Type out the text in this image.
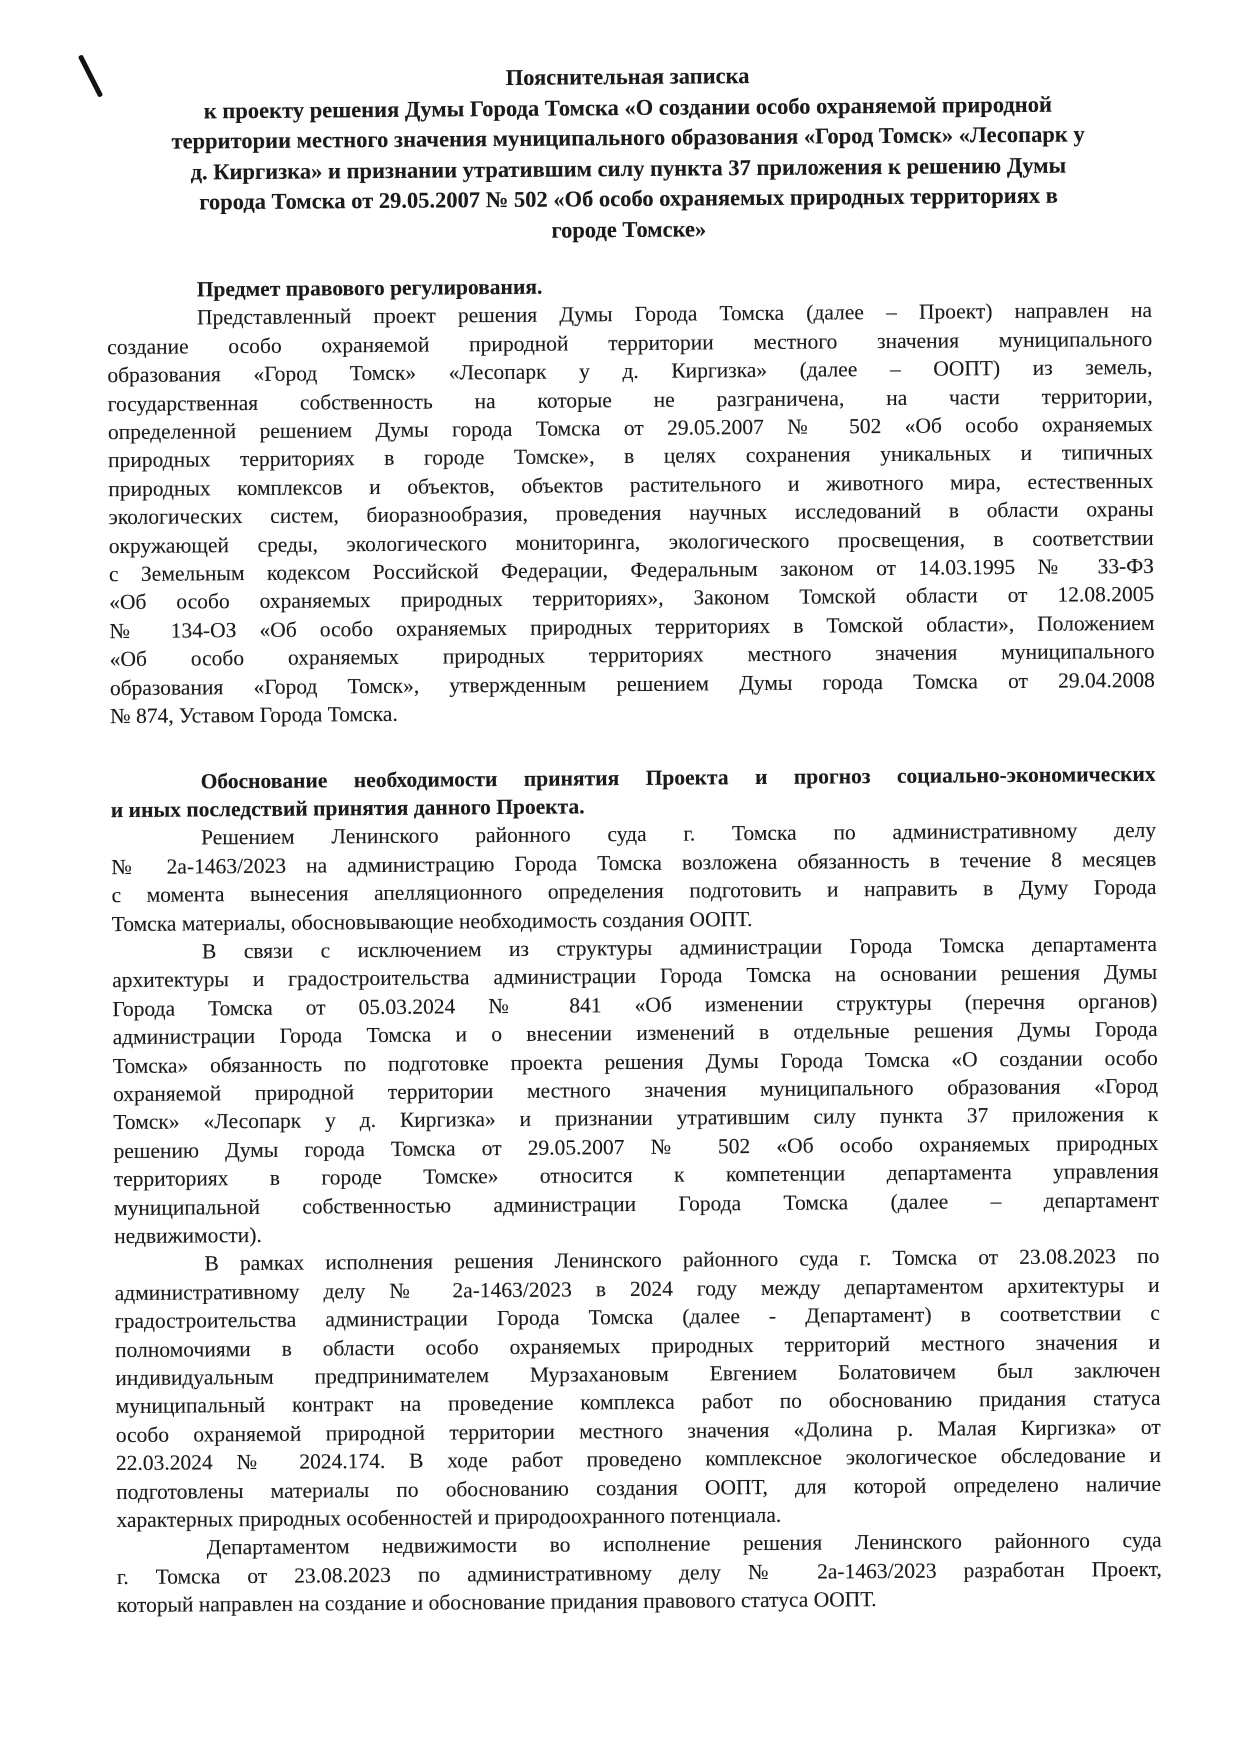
Пояснительная записка
к проекту решения Думы Города Томска «О создании особо охраняемой природной
территории местного значения муниципального образования «Город Томск» «Лесопарк у
д. Киргизка» и признании утратившим силу пункта 37 приложения к решению Думы
города Томска от 29.05.2007 № 502 «Об особо охраняемых природных территориях в
городе Томске»
Предмет правового регулирования.
Представленный проект решения Думы Города Томска (далее – Проект) направлен на
создание особо охраняемой природной территории местного значения муниципального
образования «Город Томск» «Лесопарк у д. Киргизка» (далее – ООПТ) из земель,
государственная собственность на которые не разграничена, на части территории,
определенной решением Думы города Томска от 29.05.2007 № 502 «Об особо охраняемых
природных территориях в городе Томске», в целях сохранения уникальных и типичных
природных комплексов и объектов, объектов растительного и животного мира, естественных
экологических систем, биоразнообразия, проведения научных исследований в области охраны
окружающей среды, экологического мониторинга, экологического просвещения, в соответствии
с Земельным кодексом Российской Федерации, Федеральным законом от 14.03.1995 № 33-ФЗ
«Об особо охраняемых природных территориях», Законом Томской области от 12.08.2005
№ 134-ОЗ «Об особо охраняемых природных территориях в Томской области», Положением
«Об особо охраняемых природных территориях местного значения муниципального
образования «Город Томск», утвержденным решением Думы города Томска от 29.04.2008
№ 874, Уставом Города Томска.
Обоснование необходимости принятия Проекта и прогноз социально-экономических
и иных последствий принятия данного Проекта.
Решением Ленинского районного суда г. Томска по административному делу
№ 2а-1463/2023 на администрацию Города Томска возложена обязанность в течение 8 месяцев
с момента вынесения апелляционного определения подготовить и направить в Думу Города
Томска материалы, обосновывающие необходимость создания ООПТ.
В связи с исключением из структуры администрации Города Томска департамента
архитектуры и градостроительства администрации Города Томска на основании решения Думы
Города Томска от 05.03.2024 № 841 «Об изменении структуры (перечня органов)
администрации Города Томска и о внесении изменений в отдельные решения Думы Города
Томска» обязанность по подготовке проекта решения Думы Города Томска «О создании особо
охраняемой природной территории местного значения муниципального образования «Город
Томск» «Лесопарк у д. Киргизка» и признании утратившим силу пункта 37 приложения к
решению Думы города Томска от 29.05.2007 № 502 «Об особо охраняемых природных
территориях в городе Томске» относится к компетенции департамента управления
муниципальной собственностью администрации Города Томска (далее – департамент
недвижимости).
В рамках исполнения решения Ленинского районного суда г. Томска от 23.08.2023 по
административному делу № 2а-1463/2023 в 2024 году между департаментом архитектуры и
градостроительства администрации Города Томска (далее - Департамент) в соответствии с
полномочиями в области особо охраняемых природных территорий местного значения и
индивидуальным предпринимателем Мурзахановым Евгением Болатовичем был заключен
муниципальный контракт на проведение комплекса работ по обоснованию придания статуса
особо охраняемой природной территории местного значения «Долина р. Малая Киргизка» от
22.03.2024 № 2024.174. В ходе работ проведено комплексное экологическое обследование и
подготовлены материалы по обоснованию создания ООПТ, для которой определено наличие
характерных природных особенностей и природоохранного потенциала.
Департаментом недвижимости во исполнение решения Ленинского районного суда
г. Томска от 23.08.2023 по административному делу № 2а-1463/2023 разработан Проект,
который направлен на создание и обоснование придания правового статуса ООПТ.
